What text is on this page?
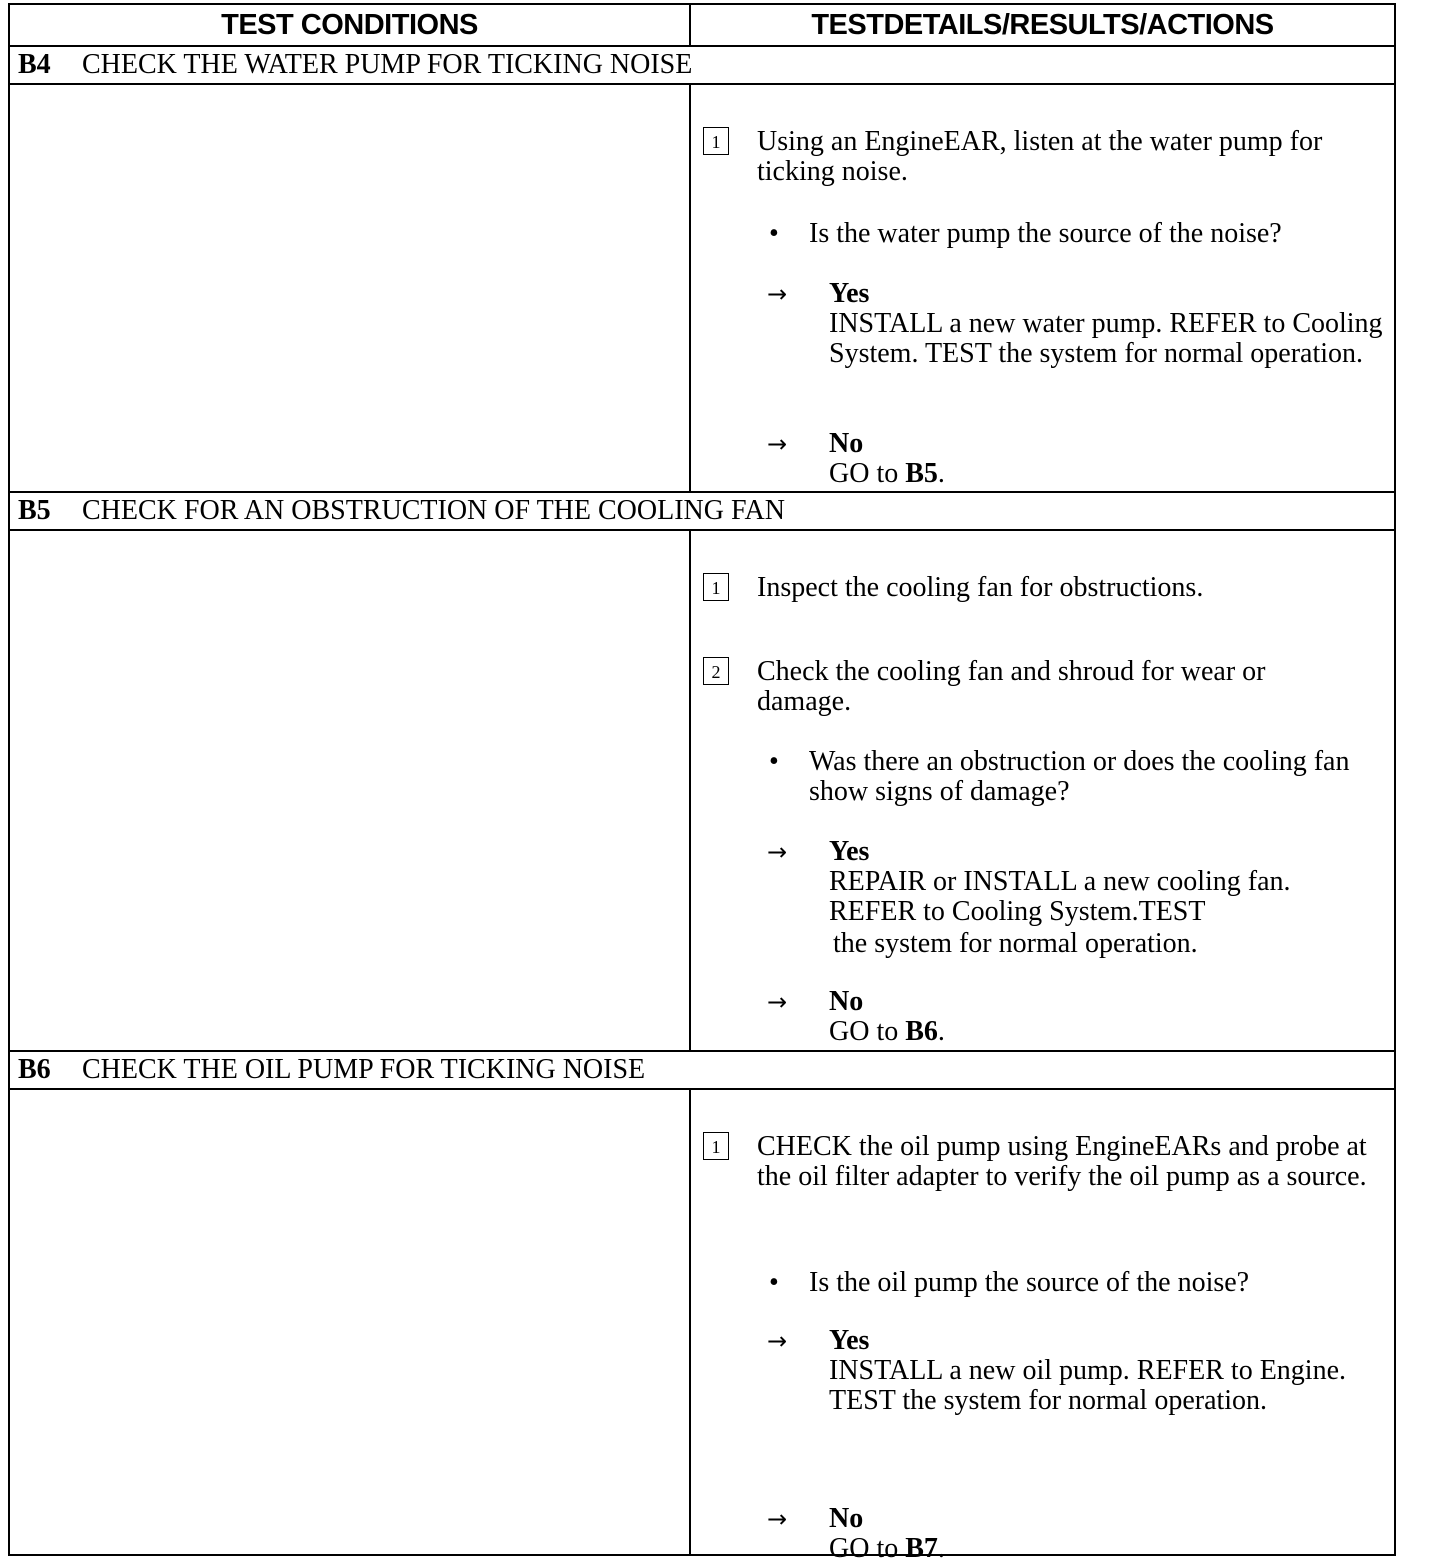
TEST CONDITIONS	TESTDETAILS/RESULTS/ACTIONS
B4	CHECK THE WATER PUMP FOR TICKING NOISE
1	Using an EngineEAR, listen at the water pump for ticking noise.
•	Is the water pump the source of the noise?
→	Yes
INSTALL a new water pump. REFER to Cooling System. TEST the system for normal operation.
→	No
GO to B5.
B5	CHECK FOR AN OBSTRUCTION OF THE COOLING FAN
1	Inspect the cooling fan for obstructions.
2	Check the cooling fan and shroud for wear or damage.
•	Was there an obstruction or does the cooling fan show signs of damage?
→	Yes
REPAIR or INSTALL a new cooling fan.
REFER to Cooling System.TEST
the system for normal operation.
→	No
GO to B6.
B6	CHECK THE OIL PUMP FOR TICKING NOISE
1	CHECK the oil pump using EngineEARs and probe at the oil filter adapter to verify the oil pump as a source.
•	Is the oil pump the source of the noise?
→	Yes
INSTALL a new oil pump. REFER to Engine. TEST the system for normal operation.
→	No
GO to B7.
